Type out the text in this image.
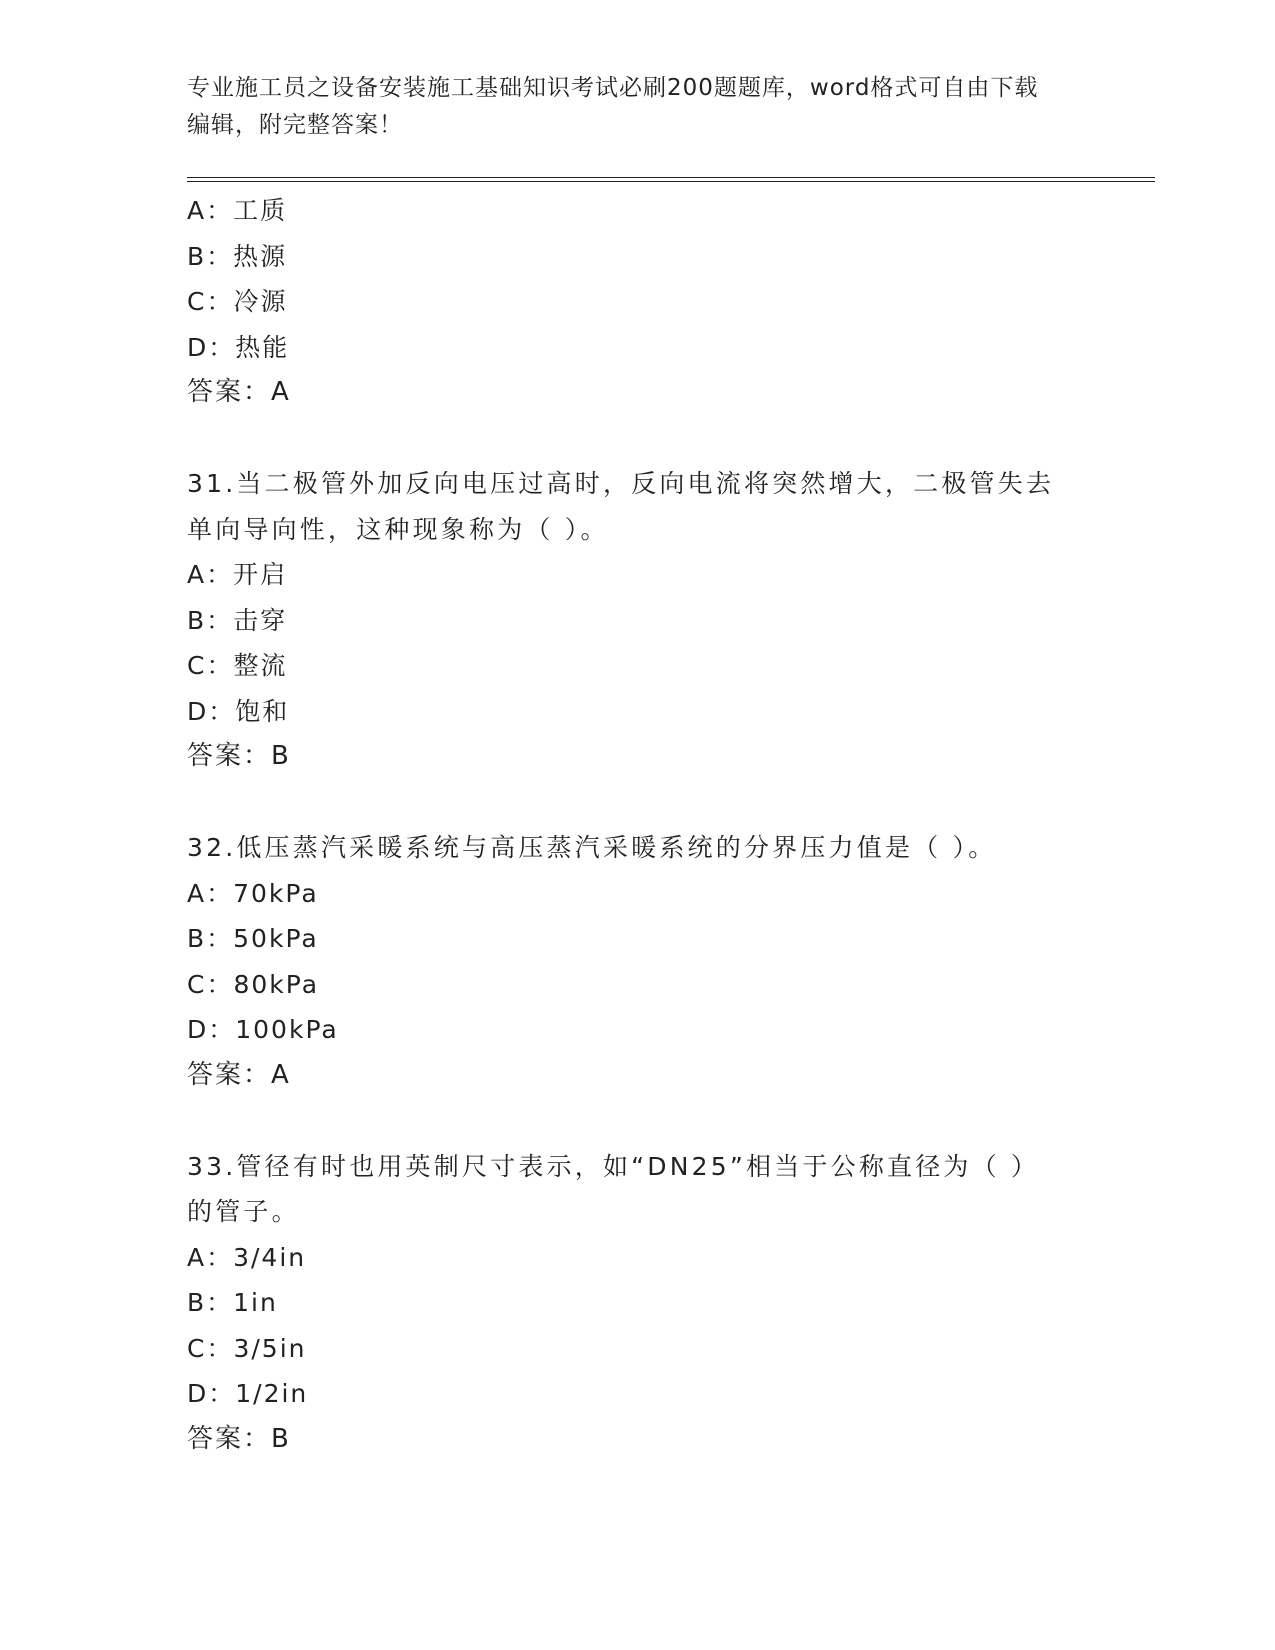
专业施工员之设备安装施工基础知识考试必刷200题题库，word格式可自由下载
编辑，附完整答案！
A：工质
B：热源
C：冷源
D：热能
答案：A
31.当二极管外加反向电压过高时，反向电流将突然增大，二极管失去
单向导向性，这种现象称为（ ）。
A：开启
B：击穿
C：整流
D：饱和
答案：B
32.低压蒸汽采暖系统与高压蒸汽采暖系统的分界压力值是（ ）。
A：70kPa
B：50kPa
C：80kPa
D：100kPa
答案：A
33.管径有时也用英制尺寸表示，如“DN25”相当于公称直径为（ ）
的管子。
A：3/4in
B：1in
C：3/5in
D：1/2in
答案：B
